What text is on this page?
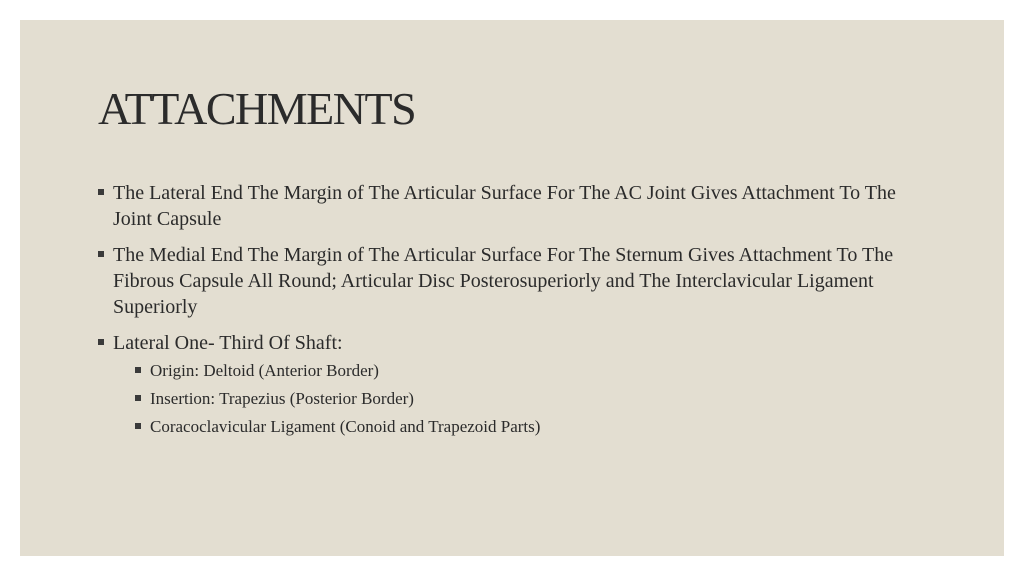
ATTACHMENTS
The Lateral End The Margin of The Articular Surface For The AC Joint Gives Attachment To The Joint Capsule
The Medial End The Margin of The Articular Surface For The Sternum Gives Attachment To The Fibrous Capsule All Round; Articular Disc Posterosuperiorly and The Interclavicular Ligament Superiorly
Lateral One- Third Of Shaft:
Origin: Deltoid (Anterior Border)
Insertion: Trapezius (Posterior Border)
Coracoclavicular Ligament (Conoid and Trapezoid Parts)
